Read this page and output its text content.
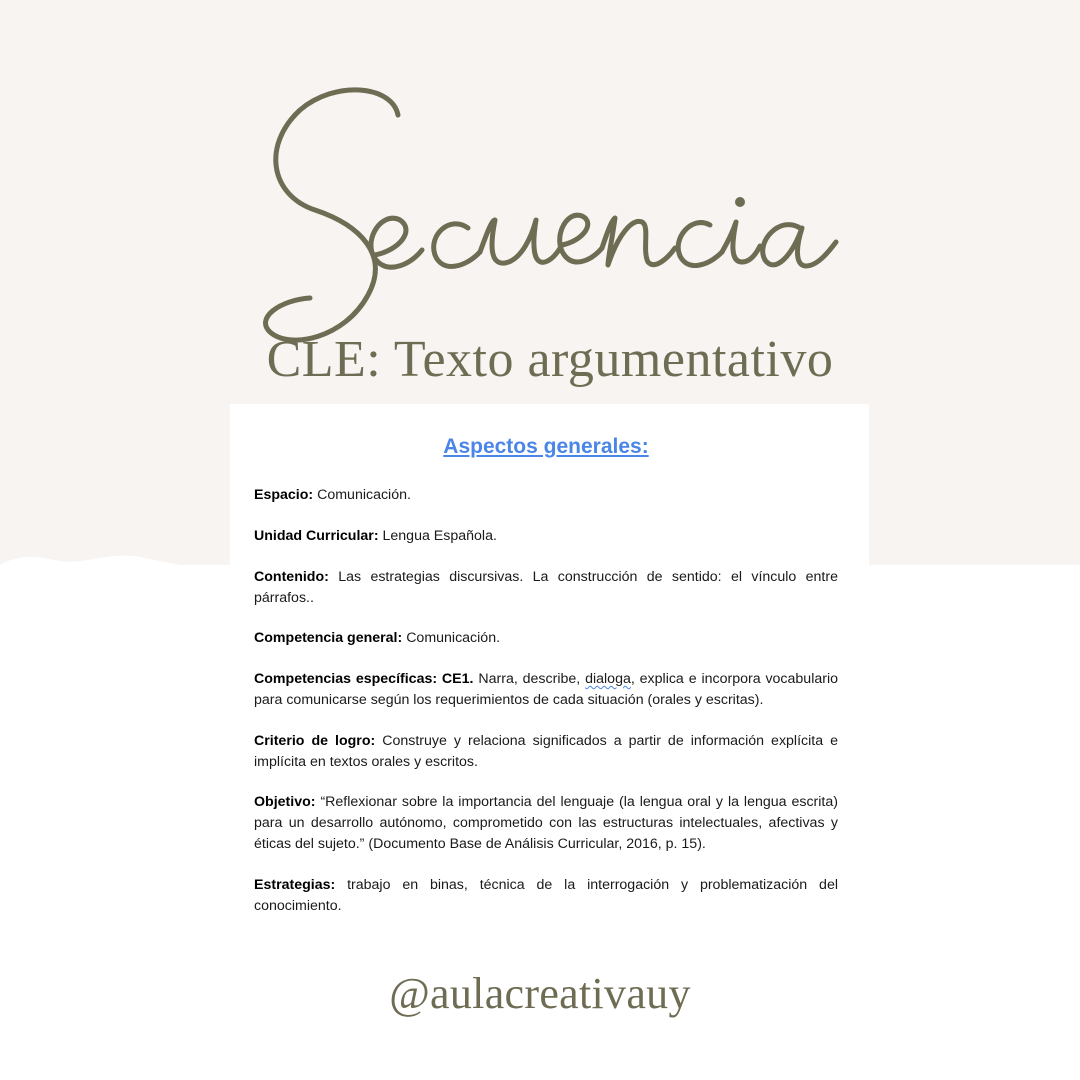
CLE: Texto argumentativo
Aspectos generales:

Espacio: Comunicación.

Unidad Curricular: Lengua Española.

Contenido: Las estrategias discursivas. La construcción de sentido: el vínculo entre párrafos..

Competencia general: Comunicación.

Competencias específicas: CE1. Narra, describe, dialoga, explica e incorpora vocabulario para comunicarse según los requerimientos de cada situación (orales y escritas).

Criterio de logro: Construye y relaciona significados a partir de información explícita e implícita en textos orales y escritos.

Objetivo: “Reflexionar sobre la importancia del lenguaje (la lengua oral y la lengua escrita) para un desarrollo autónomo, comprometido con las estructuras intelectuales, afectivas y éticas del sujeto.” (Documento Base de Análisis Curricular, 2016, p. 15).

Estrategias: trabajo en binas, técnica de la interrogación y problematización del conocimiento.

@aulacreativauy
